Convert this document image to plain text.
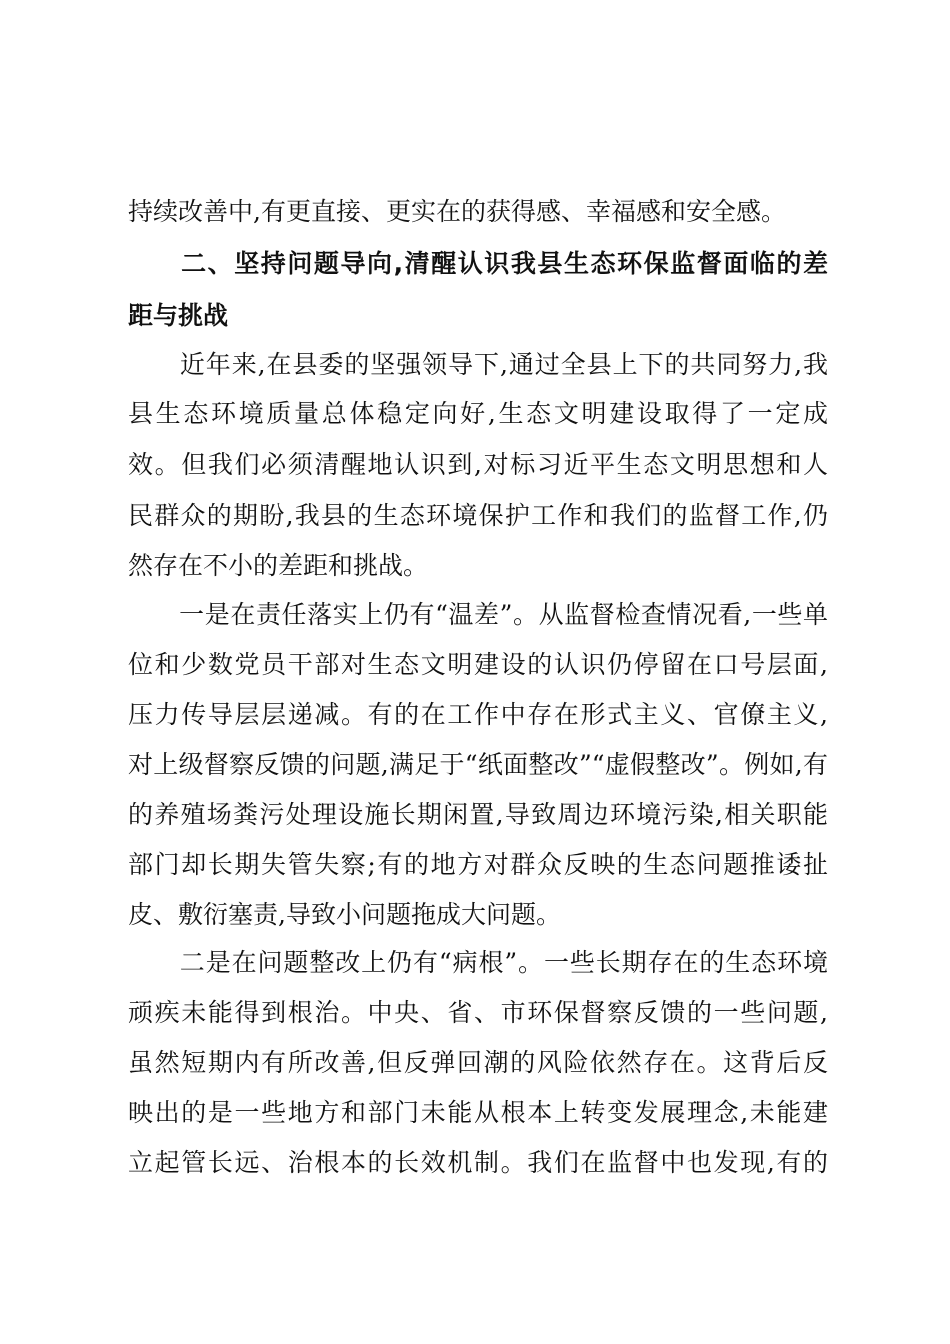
持续改善中,有更直接、更实在的获得感、幸福感和安全感。
　　二、坚持问题导向,清醒认识我县生态环保监督面临的差
距与挑战
　　近年来,在县委的坚强领导下,通过全县上下的共同努力,我
县生态环境质量总体稳定向好,生态文明建设取得了一定成
效。但我们必须清醒地认识到,对标习近平生态文明思想和人
民群众的期盼,我县的生态环境保护工作和我们的监督工作,仍
然存在不小的差距和挑战。
　　一是在责任落实上仍有“温差”。从监督检查情况看,一些单
位和少数党员干部对生态文明建设的认识仍停留在口号层面,
压力传导层层递减。有的在工作中存在形式主义、官僚主义,
对上级督察反馈的问题,满足于“纸面整改”“虚假整改”。例如,有
的养殖场粪污处理设施长期闲置,导致周边环境污染,相关职能
部门却长期失管失察;有的地方对群众反映的生态问题推诿扯
皮、敷衍塞责,导致小问题拖成大问题。
　　二是在问题整改上仍有“病根”。一些长期存在的生态环境
顽疾未能得到根治。中央、省、市环保督察反馈的一些问题,
虽然短期内有所改善,但反弹回潮的风险依然存在。这背后反
映出的是一些地方和部门未能从根本上转变发展理念,未能建
立起管长远、治根本的长效机制。我们在监督中也发现,有的
